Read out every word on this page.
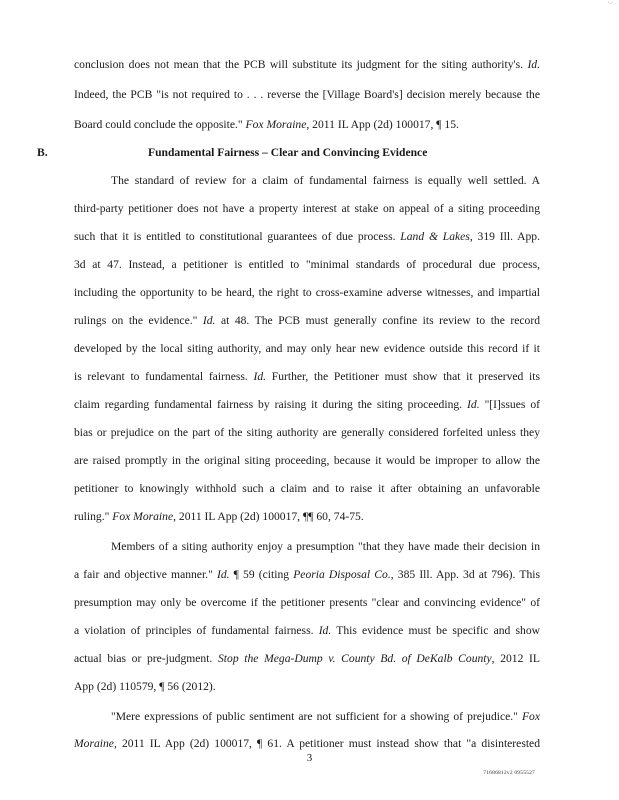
·.·
conclusion does not mean that the PCB will substitute its judgment for the siting authority's. Id.
Indeed, the PCB "is not required to . . . reverse the [Village Board's] decision merely because the
Board could conclude the opposite." Fox Moraine, 2011 IL App (2d) 100017, ¶ 15.
B.	Fundamental Fairness – Clear and Convincing Evidence
The standard of review for a claim of fundamental fairness is equally well settled. A
third-party petitioner does not have a property interest at stake on appeal of a siting proceeding
such that it is entitled to constitutional guarantees of due process. Land & Lakes, 319 Ill. App.
3d at 47. Instead, a petitioner is entitled to "minimal standards of procedural due process,
including the opportunity to be heard, the right to cross-examine adverse witnesses, and impartial
rulings on the evidence." Id. at 48. The PCB must generally confine its review to the record
developed by the local siting authority, and may only hear new evidence outside this record if it
is relevant to fundamental fairness. Id. Further, the Petitioner must show that it preserved its
claim regarding fundamental fairness by raising it during the siting proceeding. Id. "[I]ssues of
bias or prejudice on the part of the siting authority are generally considered forfeited unless they
are raised promptly in the original siting proceeding, because it would be improper to allow the
petitioner to knowingly withhold such a claim and to raise it after obtaining an unfavorable
ruling." Fox Moraine, 2011 IL App (2d) 100017, ¶¶ 60, 74-75.
Members of a siting authority enjoy a presumption "that they have made their decision in
a fair and objective manner." Id. ¶ 59 (citing Peoria Disposal Co., 385 Ill. App. 3d at 796). This
presumption may only be overcome if the petitioner presents "clear and convincing evidence" of
a violation of principles of fundamental fairness. Id. This evidence must be specific and show
actual bias or pre-judgment. Stop the Mega-Dump v. County Bd. of DeKalb County, 2012 IL
App (2d) 110579, ¶ 56 (2012).
"Mere expressions of public sentiment are not sufficient for a showing of prejudice." Fox
Moraine, 2011 IL App (2d) 100017, ¶ 61. A petitioner must instead show that "a disinterested
3
71686812v2 0955527
